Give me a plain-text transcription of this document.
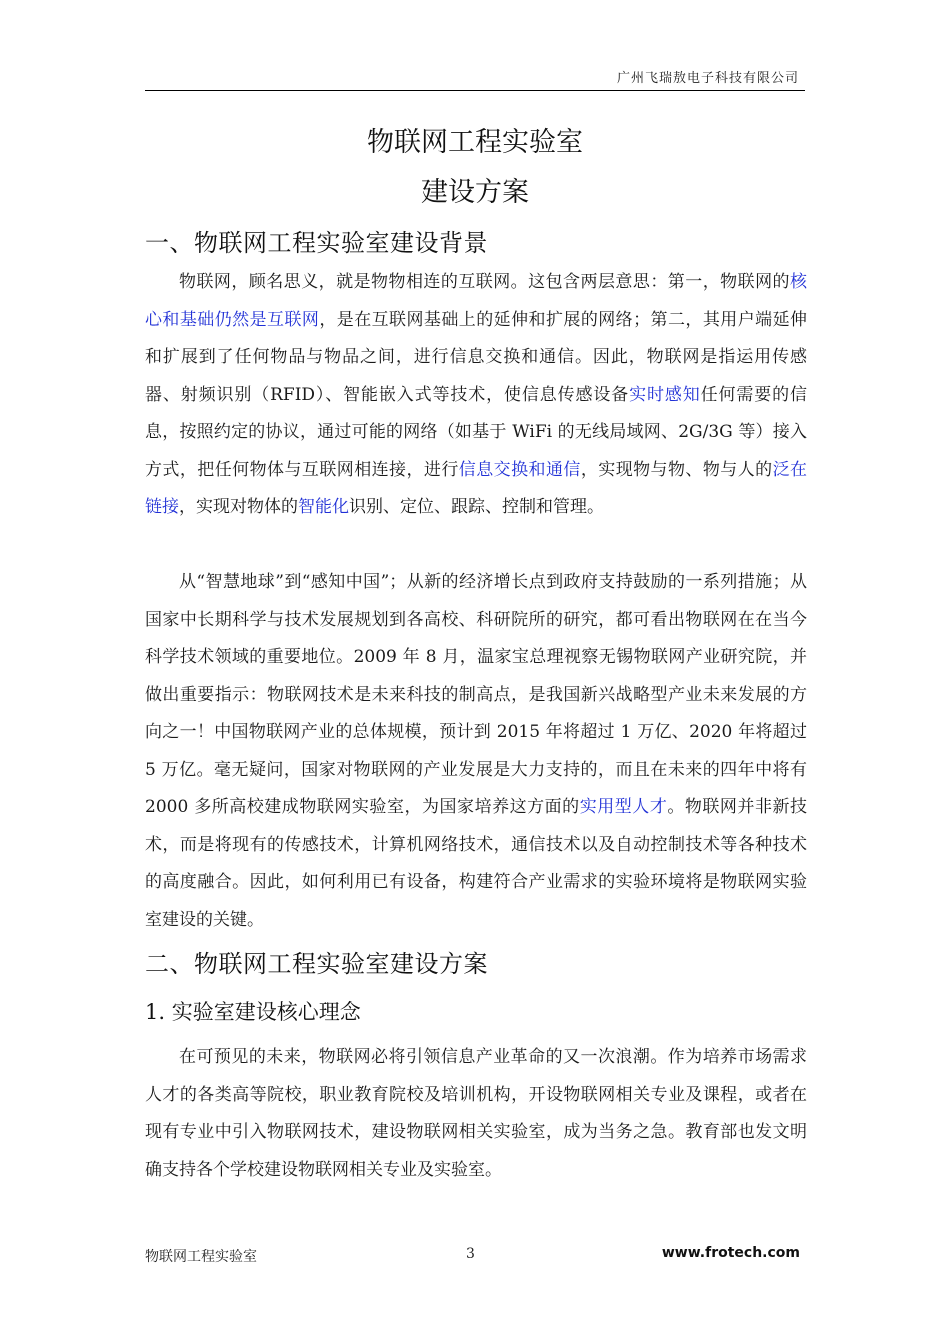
广州飞瑞敖电子科技有限公司
物联网工程实验室
建设方案
一、物联网工程实验室建设背景

物联网，顾名思义，就是物物相连的互联网。这包含两层意思：第一，物联网的核心和基础仍然是互联网，是在互联网基础上的延伸和扩展的网络；第二，其用户端延伸和扩展到了任何物品与物品之间，进行信息交换和通信。因此，物联网是指运用传感器、射频识别（RFID）、智能嵌入式等技术，使信息传感设备实时感知任何需要的信息，按照约定的协议，通过可能的网络（如基于 WiFi 的无线局域网、2G/3G 等）接入方式，把任何物体与互联网相连接，进行信息交换和通信，实现物与物、物与人的泛在链接，实现对物体的智能化识别、定位、跟踪、控制和管理。

从“智慧地球”到“感知中国”；从新的经济增长点到政府支持鼓励的一系列措施；从国家中长期科学与技术发展规划到各高校、科研院所的研究，都可看出物联网在在当今科学技术领域的重要地位。2009 年 8 月，温家宝总理视察无锡物联网产业研究院，并做出重要指示：物联网技术是未来科技的制高点，是我国新兴战略型产业未来发展的方向之一！中国物联网产业的总体规模，预计到 2015 年将超过 1 万亿、2020 年将超过 5 万亿。毫无疑问，国家对物联网的产业发展是大力支持的，而且在未来的四年中将有 2000 多所高校建成物联网实验室，为国家培养这方面的实用型人才。物联网并非新技术，而是将现有的传感技术，计算机网络技术，通信技术以及自动控制技术等各种技术的高度融合。因此，如何利用已有设备，构建符合产业需求的实验环境将是物联网实验室建设的关键。

二、物联网工程实验室建设方案
1. 实验室建设核心理念

在可预见的未来，物联网必将引领信息产业革命的又一次浪潮。作为培养市场需求人才的各类高等院校，职业教育院校及培训机构，开设物联网相关专业及课程，或者在现有专业中引入物联网技术，建设物联网相关实验室，成为当务之急。教育部也发文明确支持各个学校建设物联网相关专业及实验室。

物联网工程实验室	3	www.frotech.com
